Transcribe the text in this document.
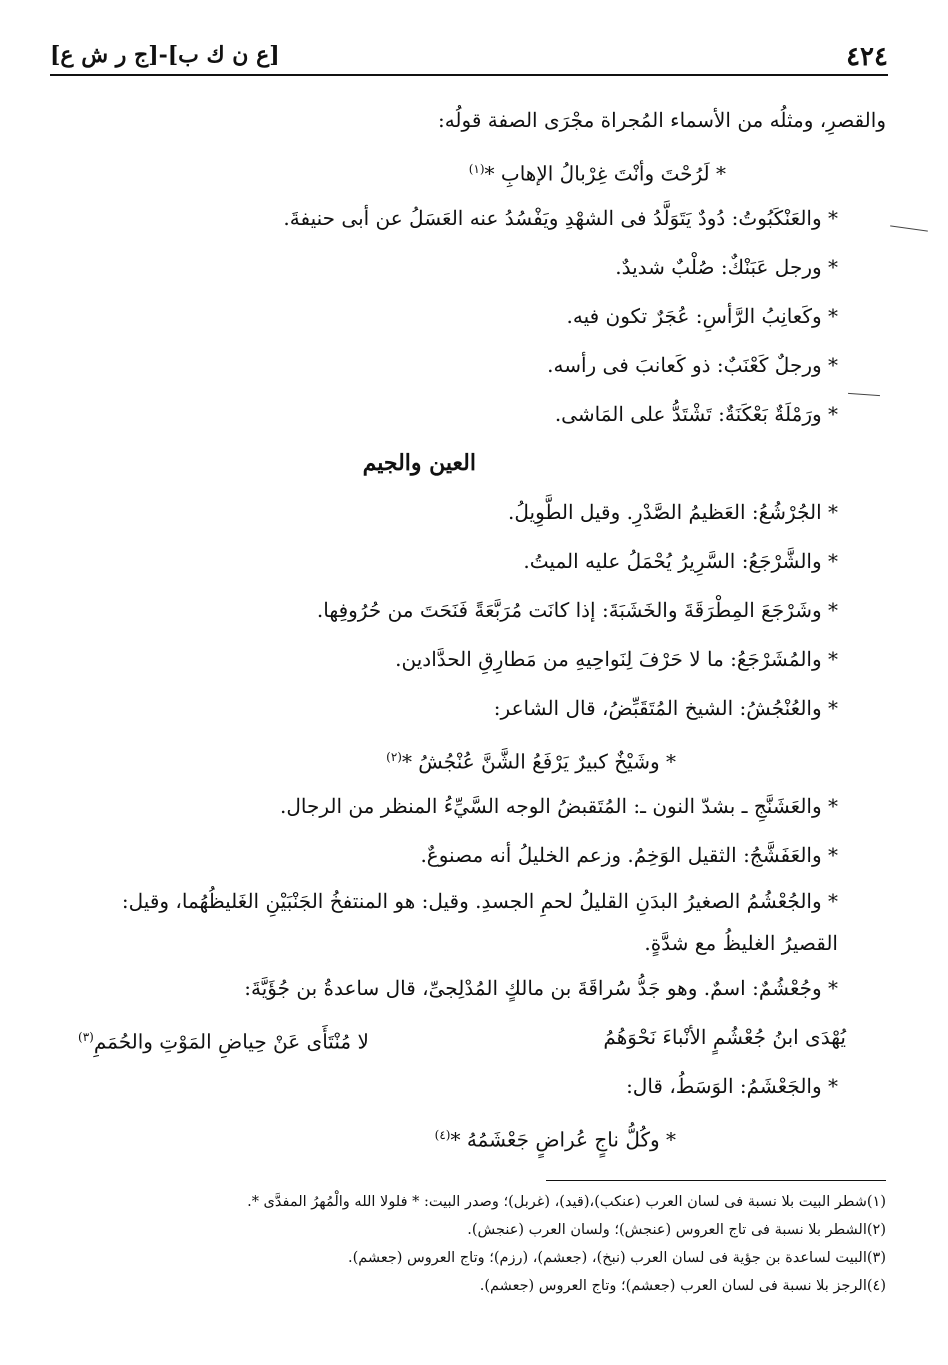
٤٢٤
[ع ن ك ب]-[ج ر ش ع]
والقصرِ، ومثلُه من الأسماء المُجراة مجْرَى الصفة قولُه:
* لَرُحْتَ وأنْتَ غِرْبالُ الإهابِ *$^{(١)}$
* والعَنْكَبُوتُ: دُودٌ يَتَوَلَّدُ فى الشهْدِ ويَفْسُدُ عنه العَسَلُ عن أبى حنيفةَ.
* ورجل عَبَنْكٌ: صُلْبٌ شديدٌ.
* وكَعانِبُ الرَّأسِ: عُجَرٌ تكون فيه.
* ورجلٌ كَعْنَبٌ: ذو كَعانبَ فى رأسه.
* ورَمْلَةٌ بَعْكَنَةٌ: تَشْتَدُّ على المَاشى.
العين والجيم
* الجُرْشُعُ: العَظيمُ الصَّدْرِ. وقيل الطَّوِيلُ.
* والشَّرْجَعُ: السَّرِيرُ يُحْمَلُ عليه الميتُ.
* وشَرْجَعَ المِطْرَقَةَ والخَشَبَةَ: إذا كانَت مُرَبَّعَةً فَنَحَتَ من حُرُوفِها.
* والمُشَرْجَعُ: ما لا حَرْفَ لِنَواحِيهِ من مَطارِقِ الحدَّادين.
* والعُنْجُشُ: الشيخ المُتَقَبِّضُ، قال الشاعر:
* وشَيْخٌ كبيرٌ يَرْفَعُ الشَّنَّ عُنْجُشُ *$^{(٢)}$
* والعَشَنَّجِ ـ بشدّ النون ـ: المُتَقبضُ الوجه السَّيِّءُ المنظر من الرجال.
* والعَفَشَّجُ: الثقيل الوَخِمُ. وزعم الخليلُ أنه مصنوعٌ.
* والجُعْشُمُ الصغيرُ البدَنِ القليلُ لحمِ الجسدِ. وقيل: هو المنتفخُ الجَنْبَيْنِ الغَليظُهُما، وقيل: القصيرُ الغليظُ مع شدَّةٍ.
* وجُعْشُمٌ: اسمٌ. وهو جَدُّ سُراقَةَ بن مالكٍ المُدْلِجىِّ، قال ساعدةُ بن جُؤَيَّةَ:
يُهْدَى ابنُ جُعْشُمٍ الأنْباءَ نَحْوَهُمُ
لا مُنْتَأَى عَنْ حِياضِ المَوْتِ والحُمَمِ$^{(٣)}$
* والجَعْشَمُ: الوَسَطُ، قال:
* وكُلُّ ناجٍ عُراضٍ جَعْشَمُهُ *$^{(٤)}$
(١)شطر البيت بلا نسبة فى لسان العرب (عنكب)،(قيد)، (غربل)؛ وصدر البيت: * فلولا الله والْمُهرُ المفدَّى *.
(٢)الشطر بلا نسبة فى تاج العروس (عنجش)؛ ولسان العرب (عنجش).
(٣)البيت لساعدة بن جؤية فى لسان العرب (نبخ)، (جعشم)، (رزم)؛ وتاج العروس (جعشم).
(٤)الرجز بلا نسبة فى لسان العرب (جعشم)؛ وتاج العروس (جعشم).
